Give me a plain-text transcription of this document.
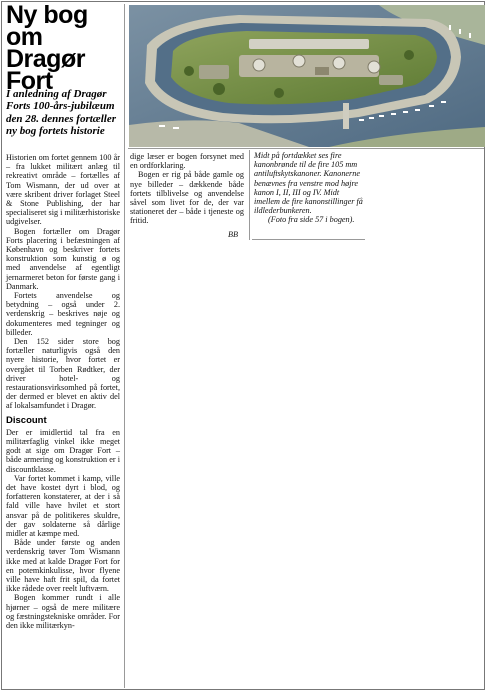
Ny bog om
Dragør
Fort
I anledning af Dragør Forts 100-års-jubilæum den 28. dennes fortæller ny bog fortets historie

Historien om fortet gennem 100 år – fra lukket militært anlæg til rekreativt område – fortælles af Tom Wismann, der ud over at være skribent driver forlaget Steel & Stone Publishing, der har specialiseret sig i militærhistoriske udgivelser.

Bogen fortæller om Dragør Forts placering i befæstningen af København og beskriver fortets konstruktion som kunstig ø og med anvendelse af egentligt jernarmeret beton for første gang i Danmark.

Fortets anvendelse og betydning – også under 2. verdenskrig – beskrives nøje og dokumenteres med tegninger og billeder.

Den 152 sider store bog fortæller naturligvis også den nyere historie, hvor fortet er overgået til Torben Rødtker, der driver hotel- og restaurationsvirksomhed på fortet, der dermed er blevet en aktiv del af lokalsamfundet i Dragør.

Discount

Der er imidlertid tal fra en militærfaglig vinkel ikke meget godt at sige om Dragør Fort – både armering og konstruktion er i discountklasse.

Var fortet kommet i kamp, ville det have kostet dyrt i blod, og forfatteren konstaterer, at der i så fald ville have hvilet et stort ansvar på de politikeres skuldre, der gav soldaterne så dårlige midler at kæmpe med.

Både under første og anden verdenskrig tøver Tom Wismann ikke med at kalde Dragør Fort for en potemkinkulisse, hvor flyene ville have haft frit spil, da fortet ikke rådede over reelt luftværn.

Bogen kommer rundt i alle hjørner – også de mere militære og fæstningstekniske områder. For den ikke militærkyn-

dige læser er bogen forsynet med en ordforklaring.

Bogen er rig på både gamle og nye billeder – dækkende både fortets tilblivelse og anvendelse såvel som livet for de, der var stationeret der – både i tjeneste og fritid.

BB

Midt på fortdækket ses fire kanonbrønde til de fire 105 mm antiluftskytskanoner. Kanonerne benævnes fra venstre mod højre kanon I, II, III og IV. Midt imellem de fire kanonstillinger få ildlederbunkeren.

(Foto fra side 57 i bogen).
